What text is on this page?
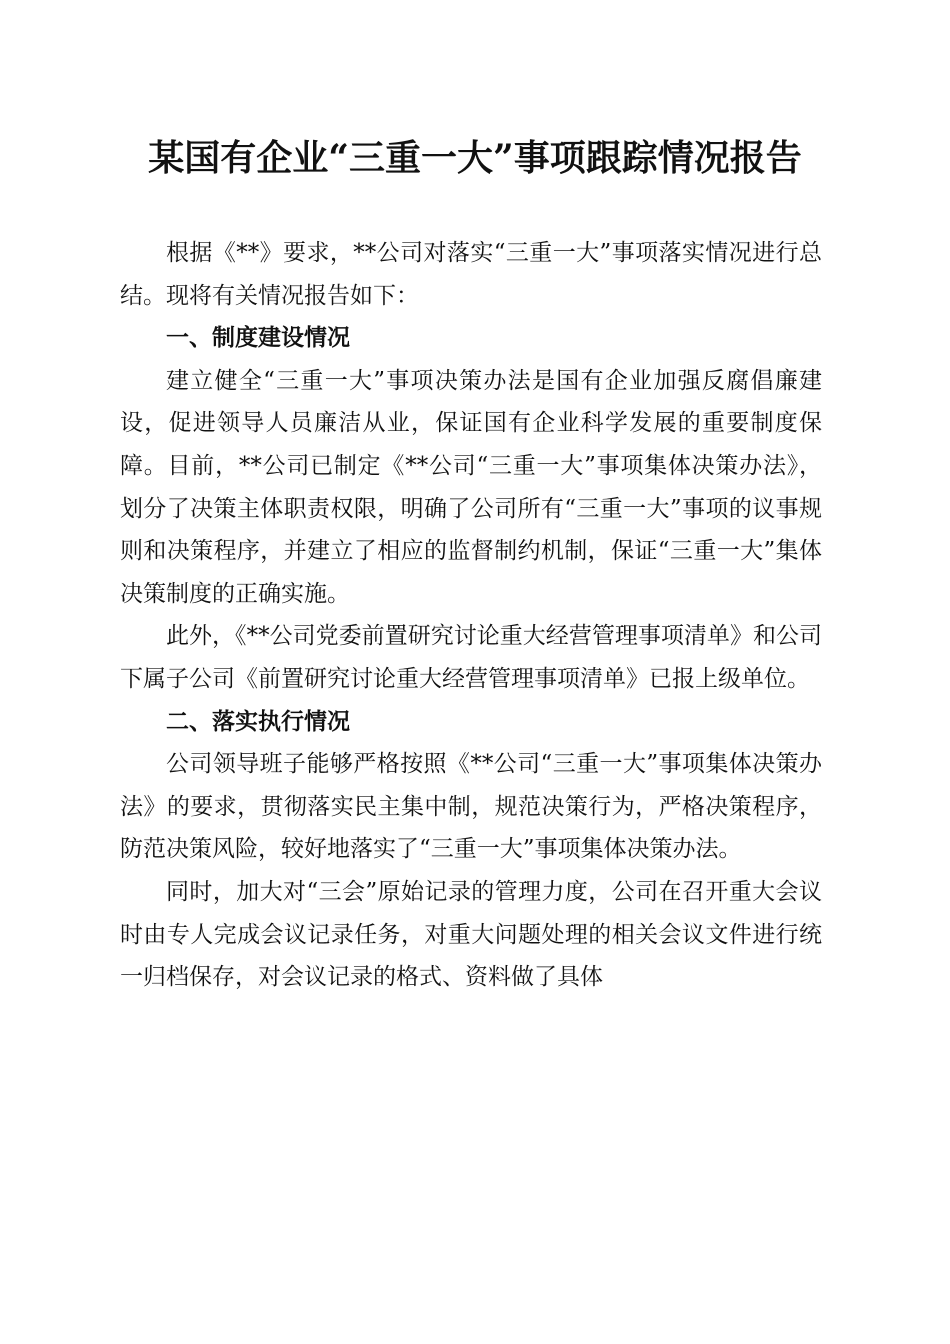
某国有企业“三重一大”事项跟踪情况报告

根据《**》要求，**公司对落实“三重一大”事项落实情况进行总结。现将有关情况报告如下：

一、制度建设情况

建立健全“三重一大”事项决策办法是国有企业加强反腐倡廉建设，促进领导人员廉洁从业，保证国有企业科学发展的重要制度保障。目前，**公司已制定《**公司“三重一大”事项集体决策办法》，划分了决策主体职责权限，明确了公司所有“三重一大”事项的议事规则和决策程序，并建立了相应的监督制约机制，保证“三重一大”集体决策制度的正确实施。

此外，《**公司党委前置研究讨论重大经营管理事项清单》和公司下属子公司《前置研究讨论重大经营管理事项清单》已报上级单位。

二、落实执行情况

公司领导班子能够严格按照《**公司“三重一大”事项集体决策办法》的要求，贯彻落实民主集中制，规范决策行为，严格决策程序，防范决策风险，较好地落实了“三重一大”事项集体决策办法。

同时，加大对“三会”原始记录的管理力度，公司在召开重大会议时由专人完成会议记录任务，对重大问题处理的相关会议文件进行统一归档保存，对会议记录的格式、资料做了具体
